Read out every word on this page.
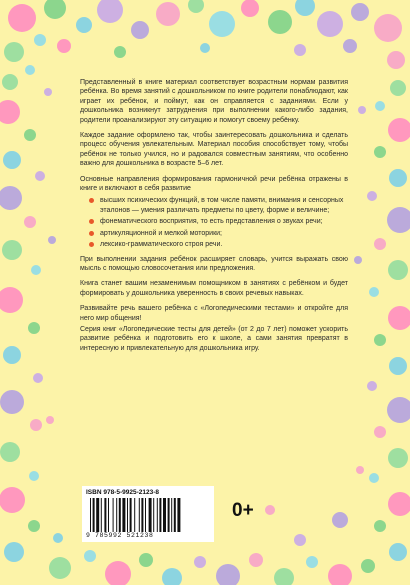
Представленный в книге материал соответствует возрастным нормам развития ребёнка. Во время занятий с дошкольником по книге родители понаблюдают, как играет их ребёнок, и поймут, как он справляется с заданиями. Если у дошкольника возникнут затруднения при выполнении какого-либо задания, родители проанализируют эту ситуацию и помогут своему ребёнку.

Каждое задание оформлено так, чтобы заинтересовать дошкольника и сделать процесс обучения увлекательным. Материал пособия способствует тому, чтобы ребёнок не только учился, но и радовался совместным занятиям, что особенно важно для дошкольника в возрасте 5–6 лет.

Основные направления формирования гармоничной речи ребёнка отражены в книге и включают в себя развитие

высших психических функций, в том числе памяти, внимания и сенсорных эталонов — умения различать предметы по цвету, форме и величине;
фонематического восприятия, то есть представления о звуках речи;
артикуляционной и мелкой моторики;
лексико-грамматического строя речи.

При выполнении задания ребёнок расширяет словарь, учится выражать свою мысль с помощью словосочетания или предложения.

Книга станет вашим незаменимым помощником в занятиях с ребёнком и будет формировать у дошкольника уверенность в своих речевых навыках.

Развивайте речь вашего ребёнка с «Логопедическими тестами» и откройте для него мир общения!

Серия книг «Логопедические тесты для детей» (от 2 до 7 лет) поможет ускорить развитие ребёнка и подготовить его к школе, а сами занятия превратят в интересную и привлекательную для дошкольника игру.

ISBN 978-5-9925-2123-8
9 785992 521238
0+
